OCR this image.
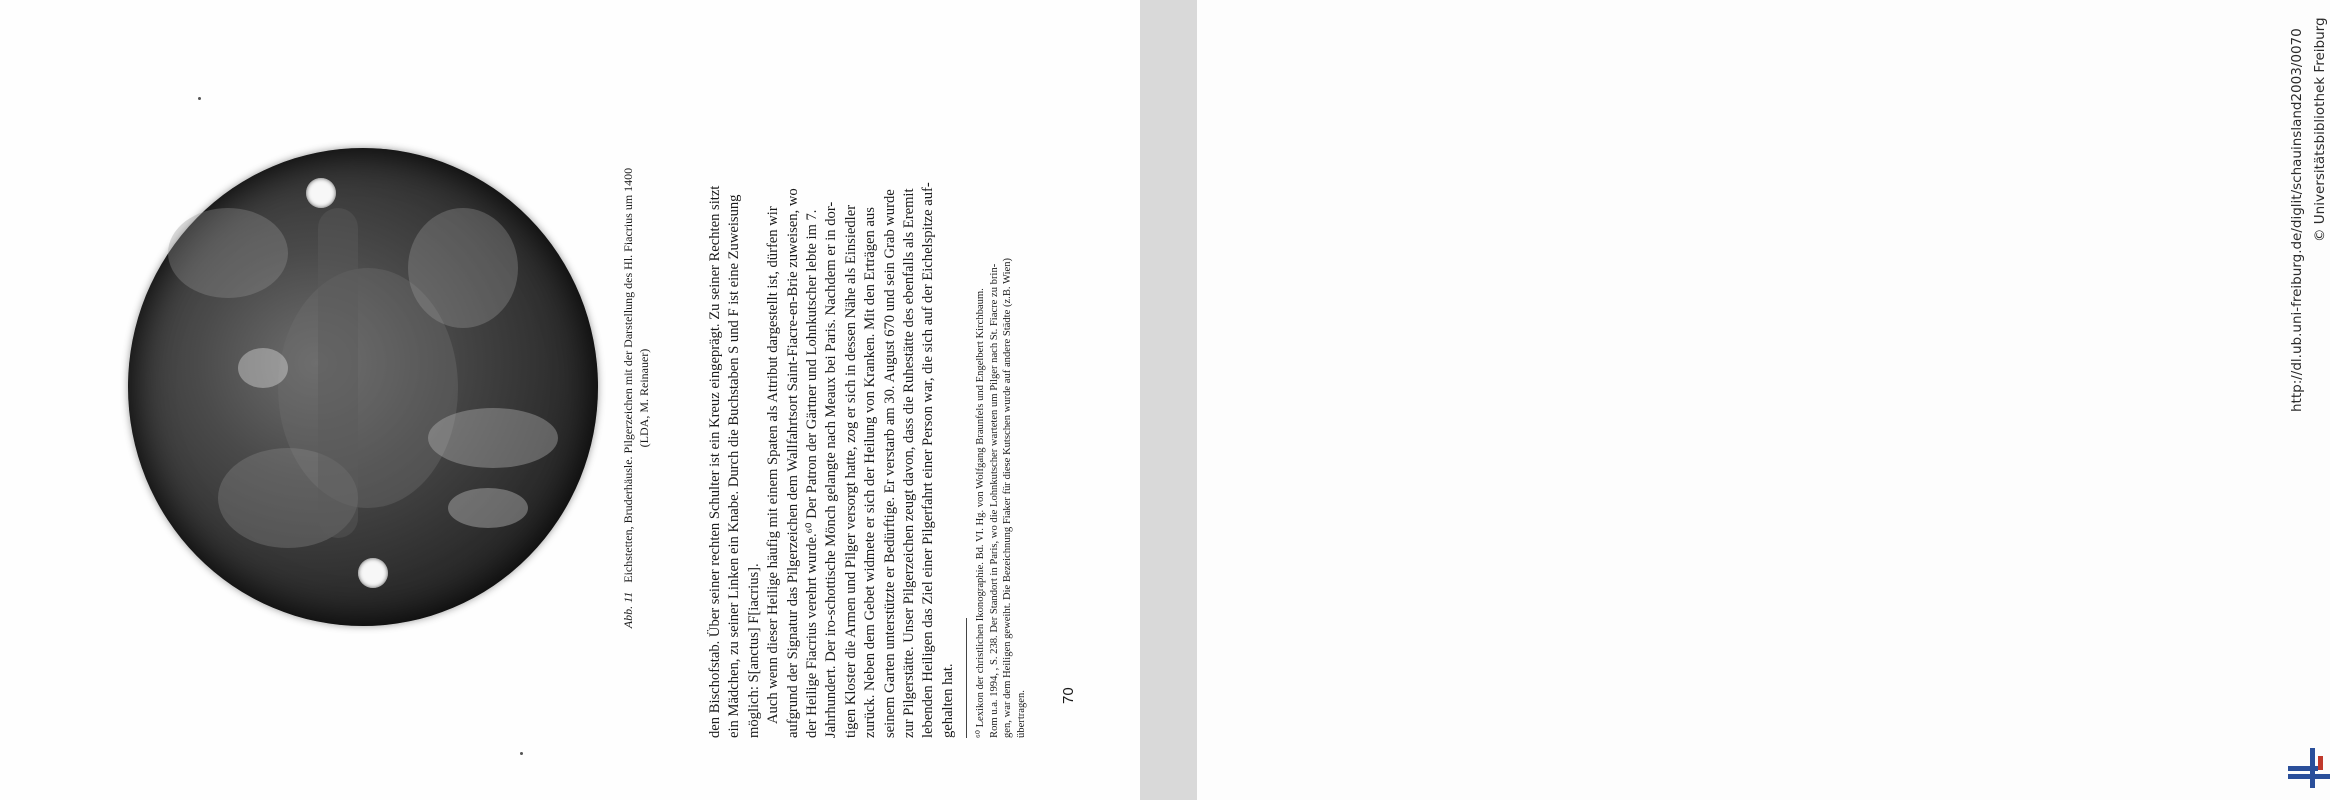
Abb. 11   Eichstetten, Bruderhäusle. Pilgerzeichen mit der Darstellung des Hl. Fiacrius um 1400 (LDA, M. Reinauer)	den Bischofstab. Über seiner rechten Schulter ist ein Kreuz eingeprägt. Zu seiner Rechten sitzt ein Mädchen, zu seiner Linken ein Knabe. Durch die Buchstaben S und F ist eine Zuweisung möglich: S[anctus] F[iacrius]. Auch wenn dieser Heilige häufig mit einem Spaten als Attribut dargestellt ist, dürfen wir aufgrund der Signatur das Pilgerzeichen dem Wallfahrtsort Saint-Fiacre-en-Brie zuweisen, wo der Heilige Fiacrius verehrt wurde.⁶⁰ Der Patron der Gärtner und Lohnkutscher lebte im 7. Jahrhundert. Der iro-schottische Mönch gelangte nach Meaux bei Paris. Nachdem er in dor- tigen Kloster die Armen und Pilger versorgt hatte, zog er sich in dessen Nähe als Einsiedler zurück. Neben dem Gebet widmete er sich der Heilung von Kranken. Mit den Erträgen aus seinem Garten unterstützte er Bedürftige. Er verstarb am 30. August 670 und sein Grab wurde zur Pilgerstätte. Unser Pilgerzeichen zeugt davon, dass die Ruhestätte des ebenfalls als Eremit lebenden Heiligen das Ziel einer Pilgerfahrt einer Person war, die sich auf der Eichelspitze auf- gehalten hat. ⁶⁰ Lexikon der christlichen Ikonographie. Bd. VI. Hg. von Wolfgang Braunfels und Engelbert Kirchbaum. Rom u.a. 1994, , S. 238. Der Standort in Paris, wo die Lohnkutscher warteten um Pilger nach St. Fiacre zu brin- gen, war dem Heiligen geweiht. Die Bezeichnung Fiaker für diese Kutschen wurde auf andere Städte (z.B. Wien) übertragen. 70
http://dl.ub.uni-freiburg.de/diglit/schauinsland2003/0070 © Universitätsbibliothek Freiburg
